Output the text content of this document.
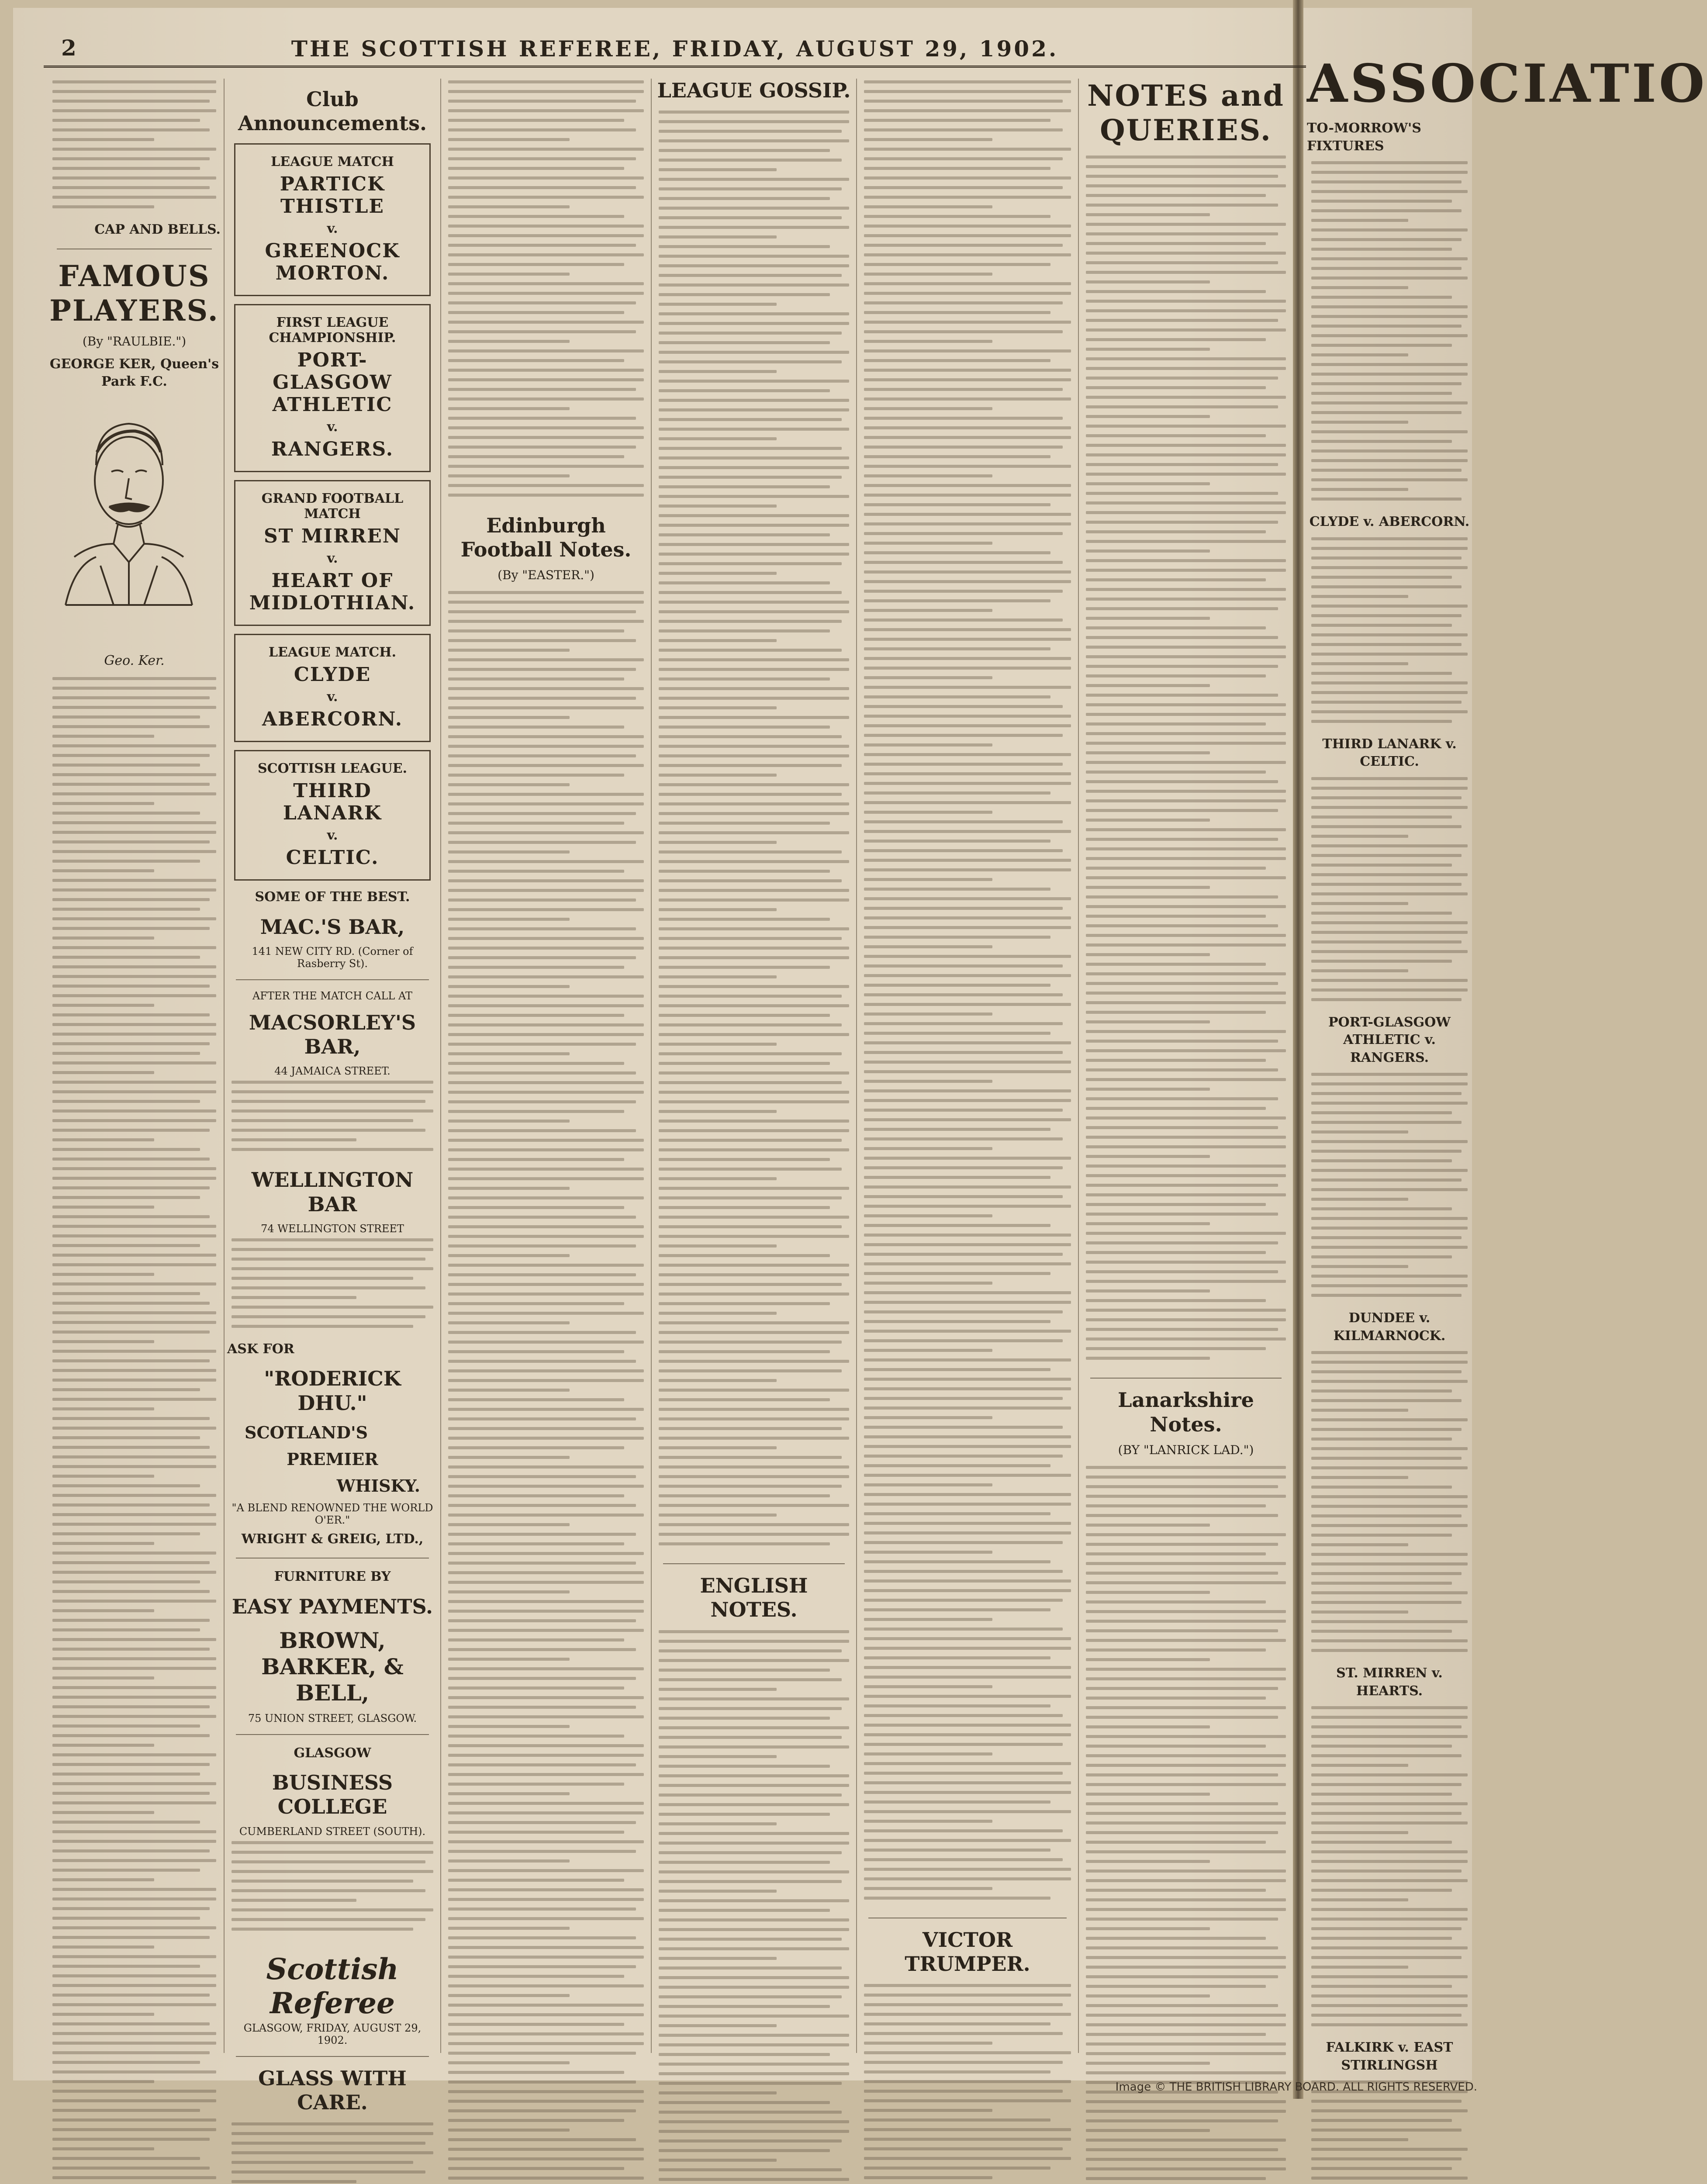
2	THE SCOTTISH REFEREE, FRIDAY, AUGUST 29, 1902.
CAP AND BELLS.
FAMOUS PLAYERS.
(By "RAULBIE.")
GEORGE KER, Queen's Park F.C.
Geo. Ker.
Club Announcements.
LEAGUE MATCH
PARTICK THISTLE
v.
GREENOCK MORTON.
FIRST LEAGUE CHAMPIONSHIP.
PORT-GLASGOW ATHLETIC
v.
RANGERS.
GRAND FOOTBALL MATCH
ST MIRREN
v.
HEART OF MIDLOTHIAN.
LEAGUE MATCH.
CLYDE
v.
ABERCORN.
SCOTTISH LEAGUE.
THIRD LANARK
v.
CELTIC.
SOME OF THE BEST.
MAC.'S BAR,
141 NEW CITY RD. (Corner of Rasberry St).
AFTER THE MATCH CALL AT
MACSORLEY'S BAR,
44 JAMAICA STREET.
WELLINGTON BAR
74 WELLINGTON STREET
ASK FOR
"RODERICK DHU."
SCOTLAND'S
PREMIER
WHISKY.
"A BLEND RENOWNED THE WORLD O'ER."
WRIGHT & GREIG, LTD.,
FURNITURE BY
EASY PAYMENTS.
BROWN, BARKER, & BELL,
75 UNION STREET, GLASGOW.
GLASGOW
BUSINESS COLLEGE
CUMBERLAND STREET (SOUTH).
Scottish Referee
GLASGOW, FRIDAY, AUGUST 29, 1902.
GLASS WITH CARE.
Edinburgh Football Notes.
(By "EASTER.")
LEAGUE GOSSIP.
ENGLISH NOTES.
VICTOR TRUMPER.
NOTES and QUERIES.
Lanarkshire Notes.
(BY "LANRICK LAD.")
ASSOCIATIO
TO-MORROW'S FIXTURES
CLYDE v. ABERCORN.
THIRD LANARK v. CELTIC.
PORT-GLASGOW ATHLETIC v. RANGERS.
DUNDEE v. KILMARNOCK.
ST. MIRREN v. HEARTS.
FALKIRK v. EAST STIRLINGSH
Image © THE BRITISH LIBRARY BOARD. ALL RIGHTS RESERVED.
